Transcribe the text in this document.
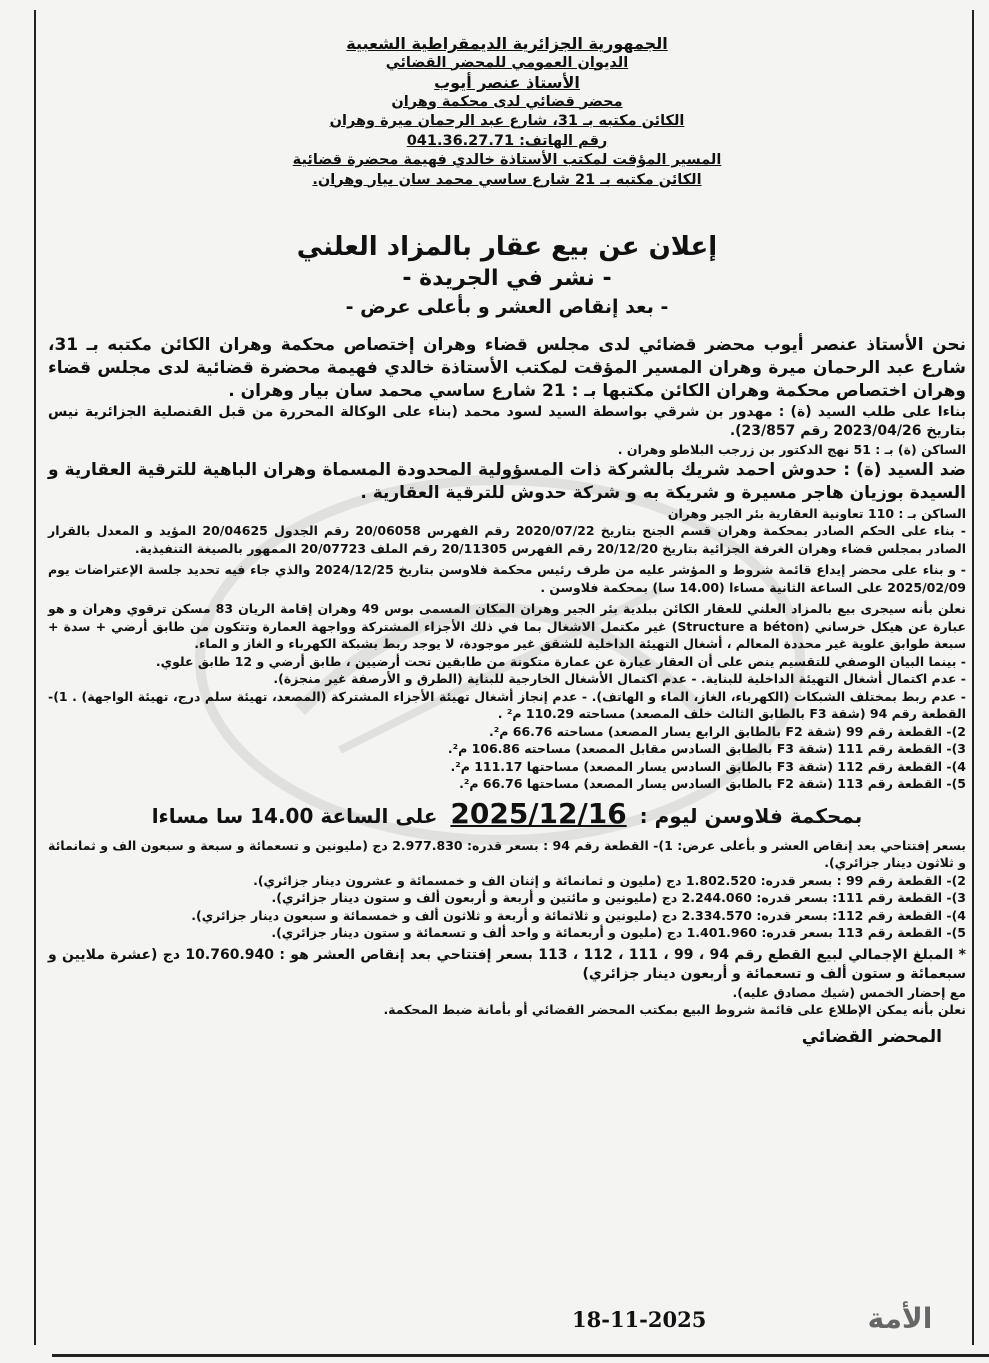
الجمهورية الجزائرية الديمقراطية الشعبية
الديوان العمومي للمحضر القضائي
الأستاذ عنصر أيوب
محضر قضائي لدى محكمة وهران
الكائن مكتبه بـ 31، شارع عبد الرحمان ميرة وهران
رقم الهاتف: 041.36.27.71
المسير المؤقت لمكتب الأستاذة خالدي فهيمة محضرة قضائية
الكائن مكتبه بـ 21 شارع ساسي محمد سان بيار وهران.
إعلان عن بيع عقار بالمزاد العلني
- نشر في الجريدة -
- بعد إنقاص العشر و بأعلى عرض -

نحن الأستاذ عنصر أيوب محضر قضائي لدى مجلس قضاء وهران إختصاص محكمة وهران الكائن مكتبه بـ 31، شارع عبد الرحمان ميرة وهران المسير المؤقت لمكتب الأستاذة خالدي فهيمة محضرة قضائية لدى مجلس قضاء وهران اختصاص محكمة وهران الكائن مكتبها بـ : 21 شارع ساسي محمد سان بيار وهران .

بناءا على طلب السيد (ة) : مهدور بن شرقي بواسطة السيد لسود محمد (بناء على الوكالة المحررة من قبل القنصلية الجزائرية نيس بتاريخ 2023/04/26 رقم 23/857).

الساكن (ة) بـ : 51 نهج الدكتور بن زرجب البلاطو وهران .

ضد السيد (ة) : حدوش احمد شريك بالشركة ذات المسؤولية المحدودة المسماة وهران الباهية للترقية العقارية و السيدة بوزيان هاجر مسيرة و شريكة به و شركة حدوش للترقية العقارية .

الساكن بـ : 110 تعاونية العقارية بئر الجير وهران

- بناء على الحكم الصادر بمحكمة وهران قسم الجنح بتاريخ 2020/07/22 رقم الفهرس 20/06058 رقم الجدول 20/04625 المؤيد و المعدل بالقرار الصادر بمجلس قضاء وهران الغرفة الجزائية بتاريخ 20/12/20 رقم الفهرس 20/11305 رقم الملف 20/07723 الممهور بالصيغة التنفيذية.

- و بناء على محضر إيداع قائمة شروط و المؤشر عليه من طرف رئيس محكمة فلاوسن بتاريخ 2024/12/25 والذي جاء فيه تحديد جلسة الإعتراضات يوم 2025/02/09 على الساعة الثانية مساءا (14.00 سا) بمحكمة فلاوسن .

نعلن بأنه سيجرى بيع بالمزاد العلني للعقار الكائن ببلدية بئر الجير وهران المكان المسمى بوس 49 وهران إقامة الريان 83 مسكن ترقوي وهران و هو عبارة عن هيكل خرساني (Structure a béton) غير مكتمل الاشغال بما في ذلك الأجزاء المشتركة وواجهة العمارة وتتكون من طابق أرضي + سدة + سبعة طوابق علوية غير محددة المعالم ، أشغال التهيئة الداخلية للشقق غير موجودة، لا يوجد ربط بشبكة الكهرباء و الغاز و الماء.

- بينما البيان الوصفي للتقسيم ينص على أن العقار عبارة عن عمارة متكونة من طابقين تحت أرضيين ، طابق أرضي و 12 طابق علوي.

- عدم اكتمال أشغال التهيئة الداخلية للبناية. - عدم اكتمال الأشغال الخارجية للبناية (الطرق و الأرصفة غير منجزة).

- عدم ربط بمختلف الشبكات (الكهرباء، الغاز، الماء و الهاتف). - عدم إنجاز أشغال تهيئة الأجزاء المشتركة (المصعد، تهيئة سلم درج، تهيئة الواجهة) . 1)- القطعة رقم 94 (شقة F3 بالطابق الثالث خلف المصعد) مساحته 110.29 م² .

2)- القطعة رقم 99 (شقة F2 بالطابق الرابع يسار المصعد) مساحته 66.76 م².

3)- القطعة رقم 111 (شقة F3 بالطابق السادس مقابل المصعد) مساحته 106.86 م².

4)- القطعة رقم 112 (شقة F3 بالطابق السادس يسار المصعد) مساحتها 111.17 م².

5)- القطعة رقم 113 (شقة F2 بالطابق السادس يسار المصعد) مساحتها 66.76 م².

بمحكمة فلاوسن ليوم : 2025/12/16 على الساعة 14.00 سا مساءا

بسعر إفتتاحي بعد إنقاص العشر و بأعلى عرض: 1)- القطعة رقم 94 : بسعر قدره: 2.977.830 دج (مليونين و تسعمائة و سبعة و سبعون الف و ثمانمائة و ثلاثون دينار جزائري).

2)- القطعة رقم 99 : بسعر قدره: 1.802.520 دج (مليون و ثمانمائة و إثنان الف و خمسمائة و عشرون دينار جزائري).

3)- القطعة رقم 111: بسعر قدره: 2.244.060 دج (مليونين و مائتين و أربعة و أربعون ألف و ستون دينار جزائري).

4)- القطعة رقم 112: بسعر قدره: 2.334.570 دج (مليونين و ثلاثمائة و أربعة و ثلاثون ألف و خمسمائة و سبعون دينار جزائري).

5)- القطعة رقم 113 بسعر قدره: 1.401.960 دج (مليون و أربعمائة و واحد ألف و تسعمائة و ستون دينار جزائري).

* المبلغ الإجمالي لبيع القطع رقم 94 ، 99 ، 111 ، 112 ، 113 بسعر إفتتاحي بعد إنقاص العشر هو : 10.760.940 دج (عشرة ملايين و سبعمائة و ستون ألف و تسعمائة و أربعون دينار جزائري)

مع إحضار الخمس (شيك مصادق عليه).

نعلن بأنه يمكن الإطلاع على قائمة شروط البيع بمكتب المحضر القضائي أو بأمانة ضبط المحكمة.

المحضر القضائي
18-11-2025	الأمة
